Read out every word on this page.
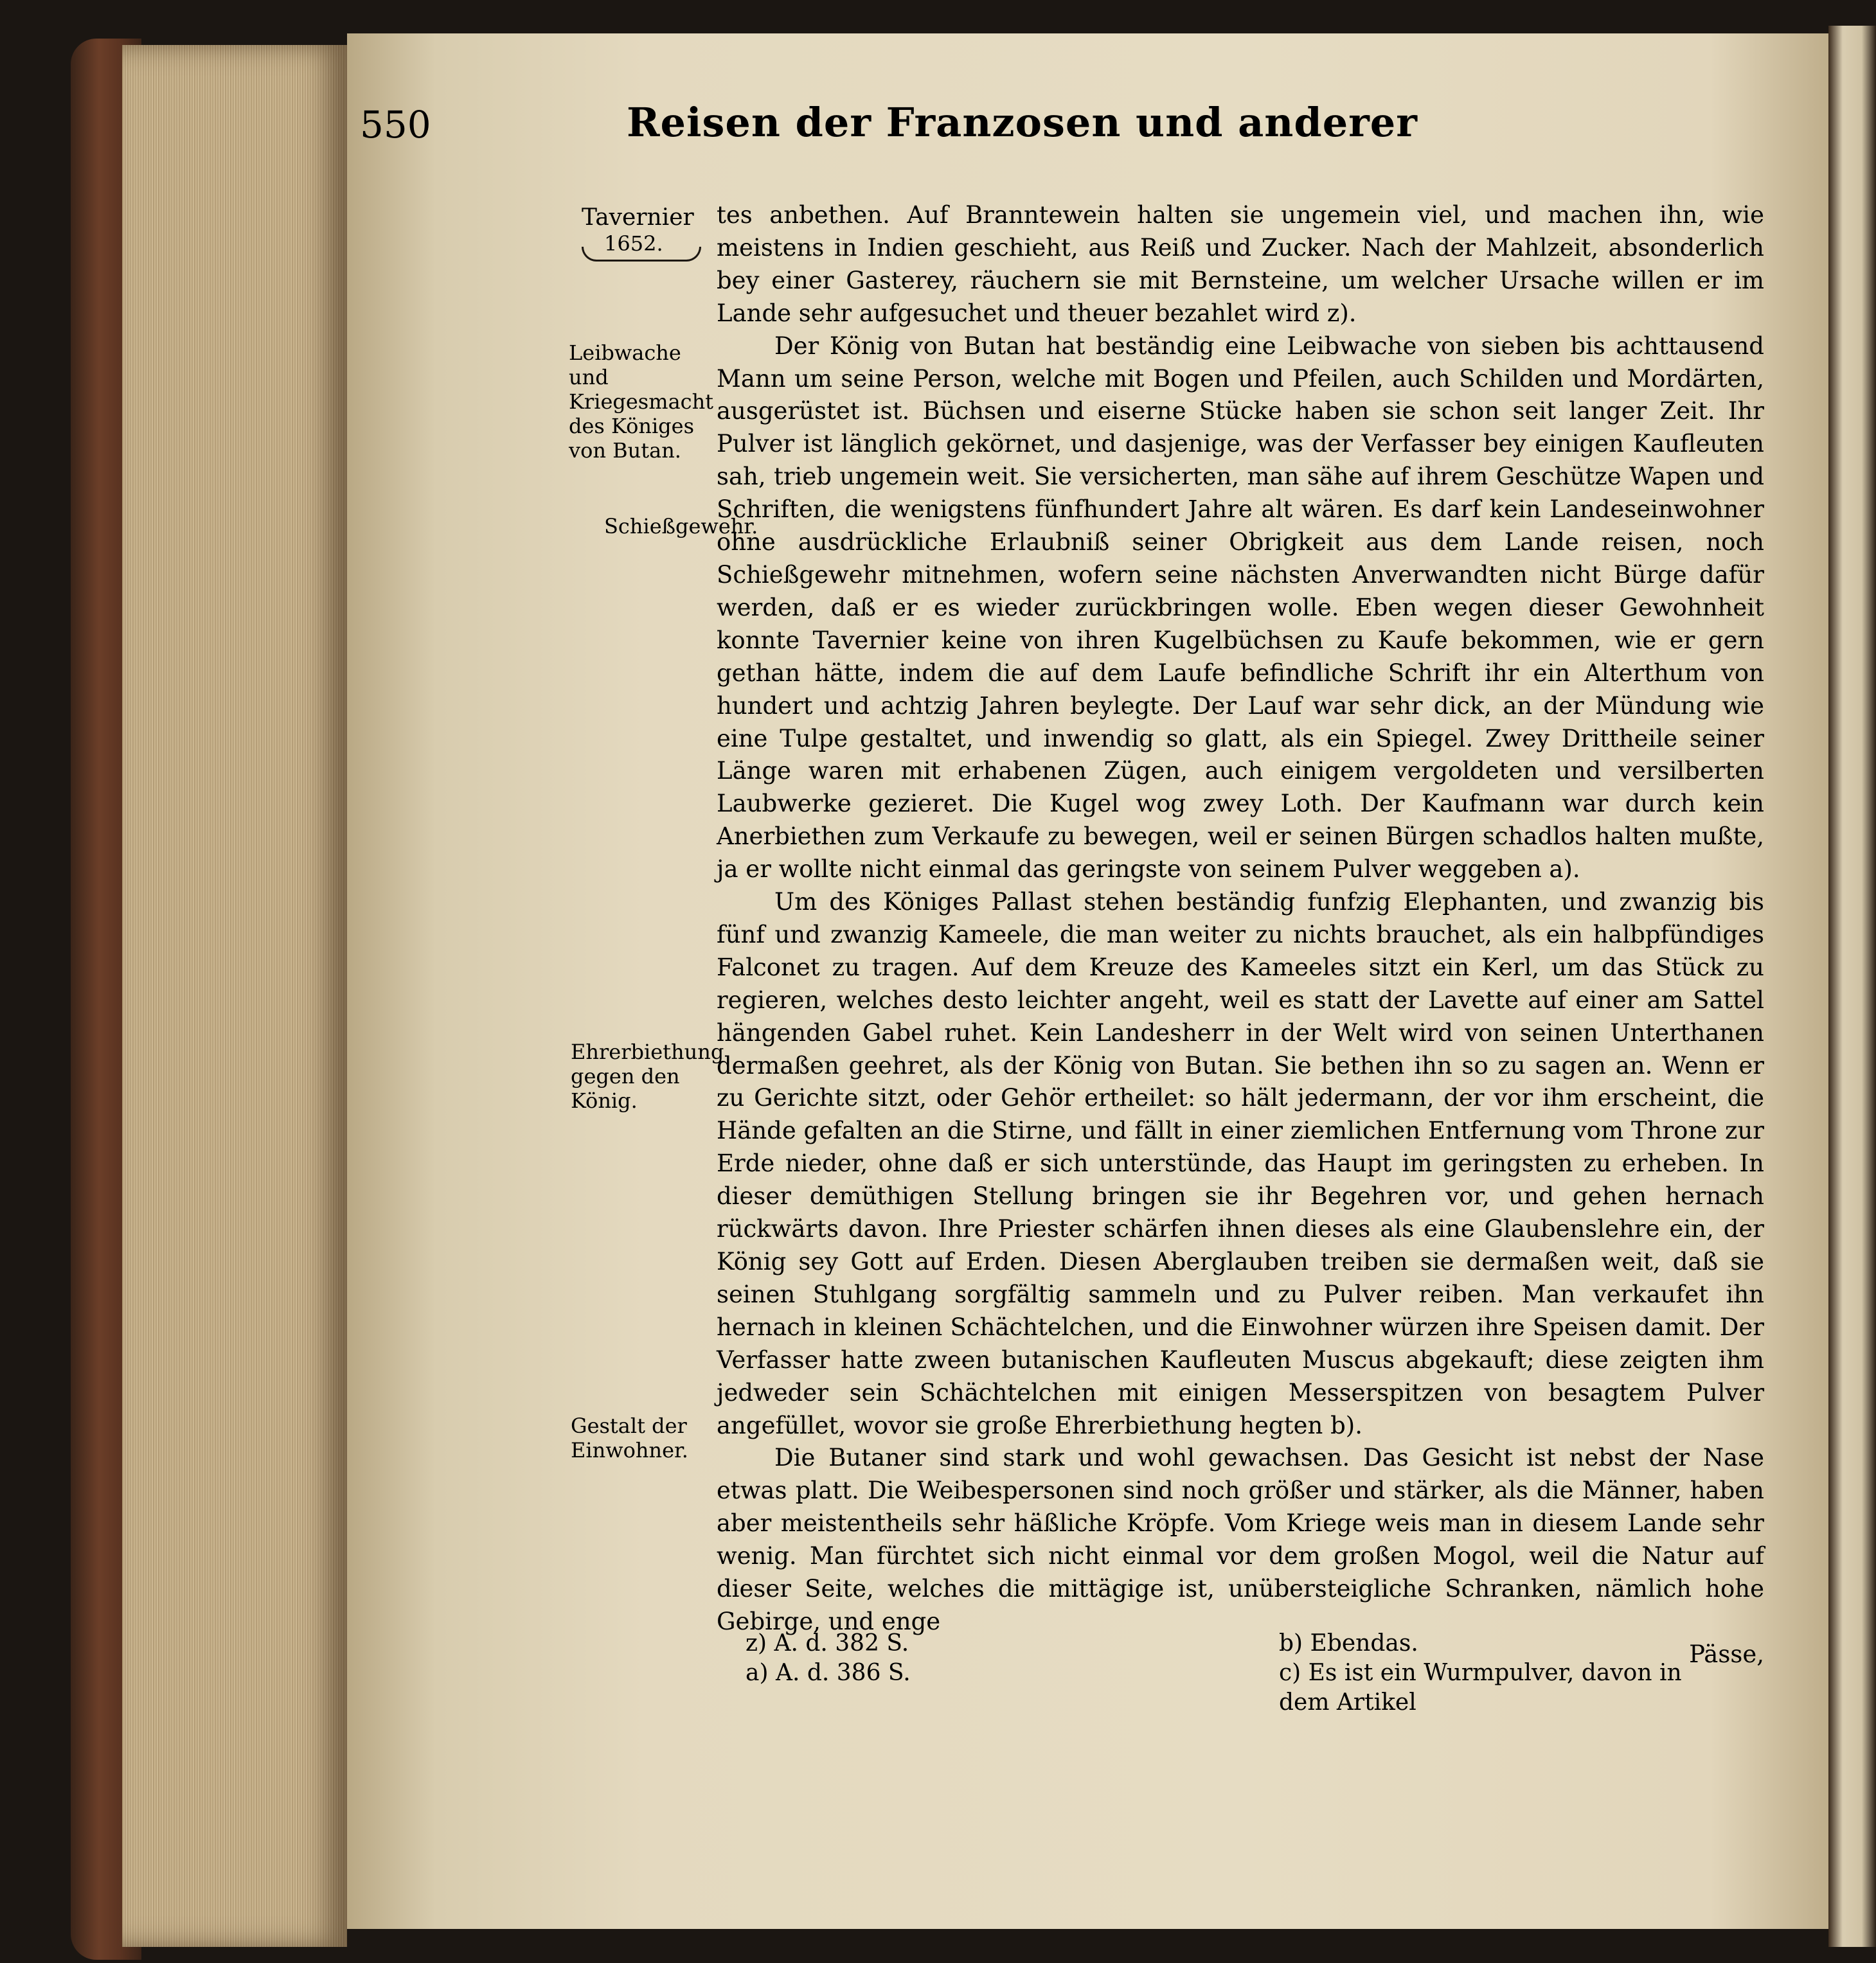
550	Reisen der Franzosen und anderer
Tavernier
1652.
Leibwache und Kriegesmacht des Königes von Butan.
Schießgewehr.
Ehrerbiethung gegen den König.
Gestalt der Einwohner.

tes anbethen. Auf Branntewein halten sie ungemein viel, und machen ihn, wie meistens in Indien geschieht, aus Reiß und Zucker. Nach der Mahlzeit, absonderlich bey einer Gasterey, räuchern sie mit Bernsteine, um welcher Ursache willen er im Lande sehr aufgesuchet und theuer bezahlet wird z).

Der König von Butan hat beständig eine Leibwache von sieben bis achttausend Mann um seine Person, welche mit Bogen und Pfeilen, auch Schilden und Mordärten, ausgerüstet ist. Büchsen und eiserne Stücke haben sie schon seit langer Zeit. Ihr Pulver ist länglich gekörnet, und dasjenige, was der Verfasser bey einigen Kaufleuten sah, trieb ungemein weit. Sie versicherten, man sähe auf ihrem Geschütze Wapen und Schriften, die wenigstens fünfhundert Jahre alt wären. Es darf kein Landeseinwohner ohne ausdrückliche Erlaubniß seiner Obrigkeit aus dem Lande reisen, noch Schießgewehr mitnehmen, wofern seine nächsten Anverwandten nicht Bürge dafür werden, daß er es wieder zurückbringen wolle. Eben wegen dieser Gewohnheit konnte Tavernier keine von ihren Kugelbüchsen zu Kaufe bekommen, wie er gern gethan hätte, indem die auf dem Laufe befindliche Schrift ihr ein Alterthum von hundert und achtzig Jahren beylegte. Der Lauf war sehr dick, an der Mündung wie eine Tulpe gestaltet, und inwendig so glatt, als ein Spiegel. Zwey Drittheile seiner Länge waren mit erhabenen Zügen, auch einigem vergoldeten und versilberten Laubwerke gezieret. Die Kugel wog zwey Loth. Der Kaufmann war durch kein Anerbiethen zum Verkaufe zu bewegen, weil er seinen Bürgen schadlos halten mußte, ja er wollte nicht einmal das geringste von seinem Pulver weggeben a).

Um des Königes Pallast stehen beständig funfzig Elephanten, und zwanzig bis fünf und zwanzig Kameele, die man weiter zu nichts brauchet, als ein halbpfündiges Falconet zu tragen. Auf dem Kreuze des Kameeles sitzt ein Kerl, um das Stück zu regieren, welches desto leichter angeht, weil es statt der Lavette auf einer am Sattel hängenden Gabel ruhet. Kein Landesherr in der Welt wird von seinen Unterthanen dermaßen geehret, als der König von Butan. Sie bethen ihn so zu sagen an. Wenn er zu Gerichte sitzt, oder Gehör ertheilet: so hält jedermann, der vor ihm erscheint, die Hände gefalten an die Stirne, und fällt in einer ziemlichen Entfernung vom Throne zur Erde nieder, ohne daß er sich unterstünde, das Haupt im geringsten zu erheben. In dieser demüthigen Stellung bringen sie ihr Begehren vor, und gehen hernach rückwärts davon. Ihre Priester schärfen ihnen dieses als eine Glaubenslehre ein, der König sey Gott auf Erden. Diesen Aberglauben treiben sie dermaßen weit, daß sie seinen Stuhlgang sorgfältig sammeln und zu Pulver reiben. Man verkaufet ihn hernach in kleinen Schächtelchen, und die Einwohner würzen ihre Speisen damit. Der Verfasser hatte zween butanischen Kaufleuten Muscus abgekauft; diese zeigten ihm jedweder sein Schächtelchen mit einigen Messerspitzen von besagtem Pulver angefüllet, wovor sie große Ehrerbiethung hegten b).

Die Butaner sind stark und wohl gewachsen. Das Gesicht ist nebst der Nase etwas platt. Die Weibespersonen sind noch größer und stärker, als die Männer, haben aber meistentheils sehr häßliche Kröpfe. Vom Kriege weis man in diesem Lande sehr wenig. Man fürchtet sich nicht einmal vor dem großen Mogol, weil die Natur auf dieser Seite, welches die mittägige ist, unübersteigliche Schranken, nämlich hohe Gebirge, und enge

Pässe,

z) A. d. 382 S.
a) A. d. 386 S.
b) Ebendas.
c) Es ist ein Wurmpulver, davon in dem Artikel
